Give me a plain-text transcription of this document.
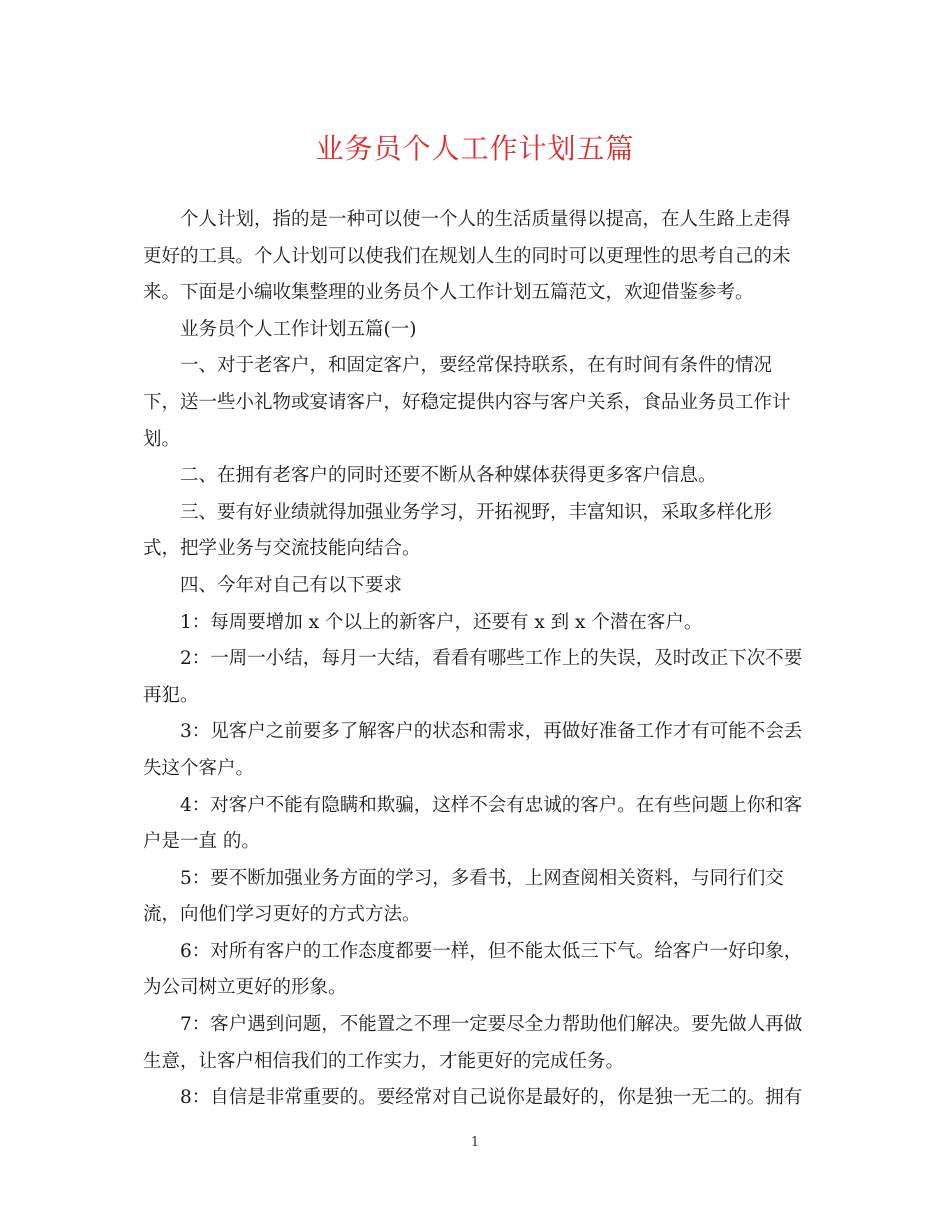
业务员个人工作计划五篇

个人计划，指的是一种可以使一个人的生活质量得以提高，在人生路上走得更好的工具。个人计划可以使我们在规划人生的同时可以更理性的思考自己的未来。下面是小编收集整理的业务员个人工作计划五篇范文，欢迎借鉴参考。

业务员个人工作计划五篇(一)

一、对于老客户，和固定客户，要经常保持联系，在有时间有条件的情况下，送一些小礼物或宴请客户，好稳定提供内容与客户关系，食品业务员工作计划。

二、在拥有老客户的同时还要不断从各种媒体获得更多客户信息。

三、要有好业绩就得加强业务学习，开拓视野，丰富知识，采取多样化形式，把学业务与交流技能向结合。

四、今年对自己有以下要求

1：每周要增加 x 个以上的新客户，还要有 x 到 x 个潜在客户。

2：一周一小结，每月一大结，看看有哪些工作上的失误，及时改正下次不要再犯。

3：见客户之前要多了解客户的状态和需求，再做好准备工作才有可能不会丢失这个客户。

4：对客户不能有隐瞒和欺骗，这样不会有忠诚的客户。在有些问题上你和客户是一直 的。

5：要不断加强业务方面的学习，多看书，上网查阅相关资料，与同行们交流，向他们学习更好的方式方法。

6：对所有客户的工作态度都要一样，但不能太低三下气。给客户一好印象，为公司树立更好的形象。

7：客户遇到问题，不能置之不理一定要尽全力帮助他们解决。要先做人再做生意，让客户相信我们的工作实力，才能更好的完成任务。

8：自信是非常重要的。要经常对自己说你是最好的，你是独一无二的。拥有

1
